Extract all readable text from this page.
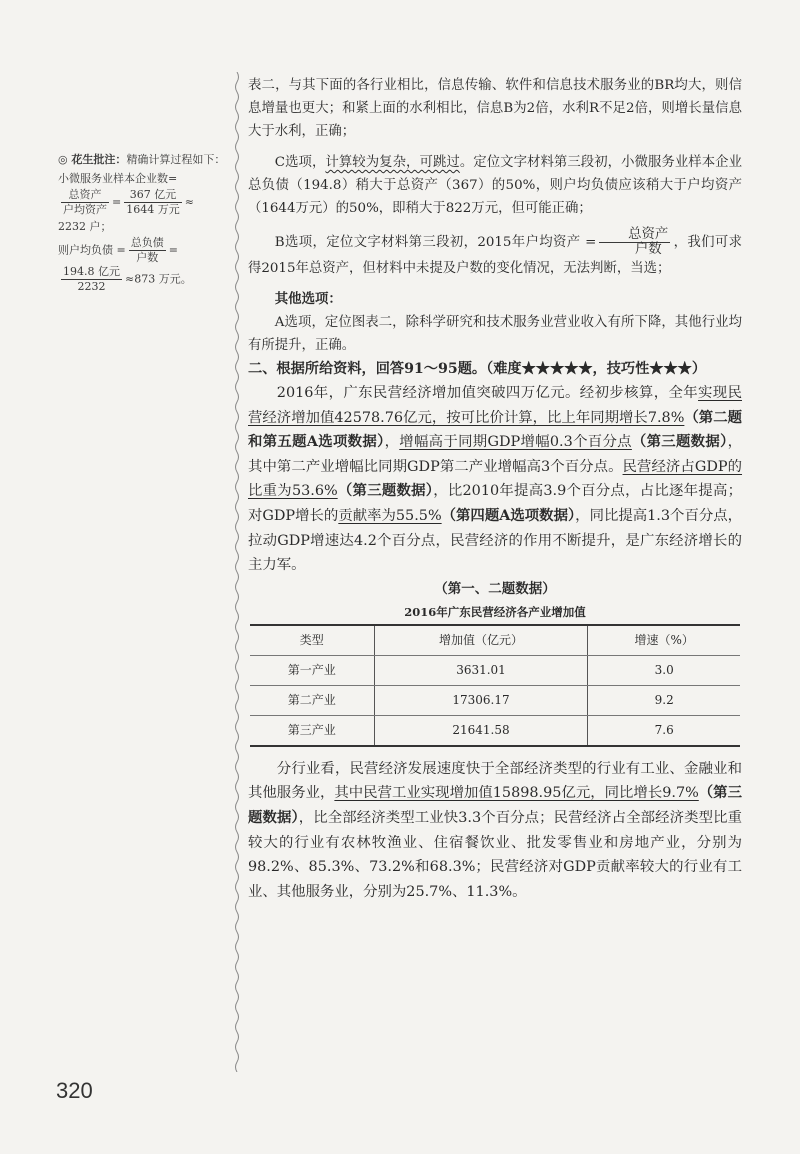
◎ 花生批注：精确计算过程如下：

小微服务业样本企业数=

$\frac{\text{总资产}}{\text{户均资产}} = \frac{\text{367 亿元}}{\text{1644 万元}}$ ≈

2232 户；

则户均负债 = $\frac{\text{总负债}}{\text{户数}}$ =

$\frac{\text{194.8 亿元}}{2232} \approx 873$ 万元。

表二，与其下面的各行业相比，信息传输、软件和信息技术服务业的BR均大，则信息增量也更大；和紧上面的水利相比，信息B为2倍，水利R不足2倍，则增长量信息大于水利，正确；

C选项，计算较为复杂，可跳过。定位文字材料第三段初，小微服务业样本企业总负债（194.8）稍大于总资产（367）的50%，则户均负债应该稍大于户均资产（1644万元）的50%，即稍大于822万元，但可能正确；

B选项，定位文字材料第三段初，2015年户均资产 = $\frac{\text{总资产}}{\text{户数}}$ ，我们可求得2015年总资产，但材料中未提及户数的变化情况，无法判断，当选；

其他选项：

A选项，定位图表二，除科学研究和技术服务业营业收入有所下降，其他行业均有所提升，正确。

二、根据所给资料，回答91～95题。（难度★★★★★，技巧性★★★）

2016年，广东民营经济增加值突破四万亿元。经初步核算，全年实现民营经济增加值42578.76亿元，按可比价计算，比上年同期增长7.8%（第二题和第五题A选项数据），增幅高于同期GDP增幅0.3个百分点（第三题数据），其中第二产业增幅比同期GDP第二产业增幅高3个百分点。民营经济占GDP的比重为53.6%（第三题数据），比2010年提高3.9个百分点，占比逐年提高；对GDP增长的贡献率为55.5%（第四题A选项数据），同比提高1.3个百分点，拉动GDP增速达4.2个百分点，民营经济的作用不断提升，是广东经济增长的主力军。

（第一、二题数据）

2016年广东民营经济各产业增加值

类型	增加值（亿元）	增速（%）
第一产业	3631.01	3.0
第二产业	17306.17	9.2
第三产业	21641.58	7.6

分行业看，民营经济发展速度快于全部经济类型的行业有工业、金融业和其他服务业，其中民营工业实现增加值15898.95亿元，同比增长9.7%（第三题数据），比全部经济类型工业快3.3个百分点；民营经济占全部经济类型比重较大的行业有农林牧渔业、住宿餐饮业、批发零售业和房地产业，分别为98.2%、85.3%、73.2%和68.3%；民营经济对GDP贡献率较大的行业有工业、其他服务业，分别为25.7%、11.3%。

320
